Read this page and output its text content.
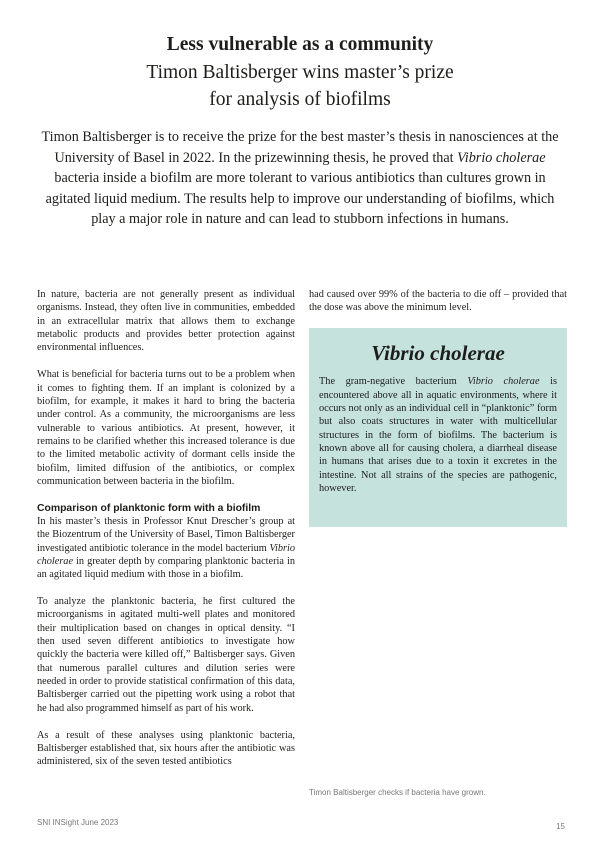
Less vulnerable as a community
Timon Baltisberger wins master’s prize
for analysis of biofilms

Timon Baltisberger is to receive the prize for the best master’s thesis in nanosciences at the University of Basel in 2022. In the prizewinning thesis, he proved that Vibrio cholerae bacteria inside a biofilm are more tolerant to various antibiotics than cultures grown in agitated liquid medium. The results help to improve our understanding of biofilms, which play a major role in nature and can lead to stubborn infections in humans.

In nature, bacteria are not generally present as individual organisms. Instead, they often live in communities, embedded in an extracellular matrix that allows them to exchange metabolic products and provides better protection against environmental influences.

What is beneficial for bacteria turns out to be a problem when it comes to fighting them. If an implant is colonized by a biofilm, for example, it makes it hard to bring the bacteria under control. As a community, the microorganisms are less vulnerable to various antibiotics. At present, however, it remains to be clarified whether this increased tolerance is due to the limited metabolic activity of dormant cells inside the biofilm, limited diffusion of the antibiotics, or complex communication between bacteria in the biofilm.

Comparison of planktonic form with a biofilm

In his master’s thesis in Professor Knut Drescher’s group at the Biozentrum of the University of Basel, Timon Baltisberger investigated antibiotic tolerance in the model bacterium Vibrio cholerae in greater depth by comparing planktonic bacteria in an agitated liquid medium with those in a biofilm.

To analyze the planktonic bacteria, he first cultured the microorganisms in agitated multi-well plates and monitored their multiplication based on changes in optical density. “I then used seven different antibiotics to investigate how quickly the bacteria were killed off,” Baltisberger says. Given that numerous parallel cultures and dilution series were needed in order to provide statistical confirmation of this data, Baltisberger carried out the pipetting work using a robot that he had also programmed himself as part of his work.

As a result of these analyses using planktonic bacteria, Baltisberger established that, six hours after the antibiotic was administered, six of the seven tested antibiotics

had caused over 99% of the bacteria to die off – provided that the dose was above the minimum level.

Vibrio cholerae

The gram-negative bacterium Vibrio cholerae is encountered above all in aquatic environments, where it occurs not only as an individual cell in “planktonic” form but also coats structures in water with multicellular structures in the form of biofilms. The bacterium is known above all for causing cholera, a diarrheal disease in humans that arises due to a toxin it excretes in the intestine. Not all strains of the species are pathogenic, however.

Timon Baltisberger checks if bacteria have grown.
SNI INSight June 2023	15
